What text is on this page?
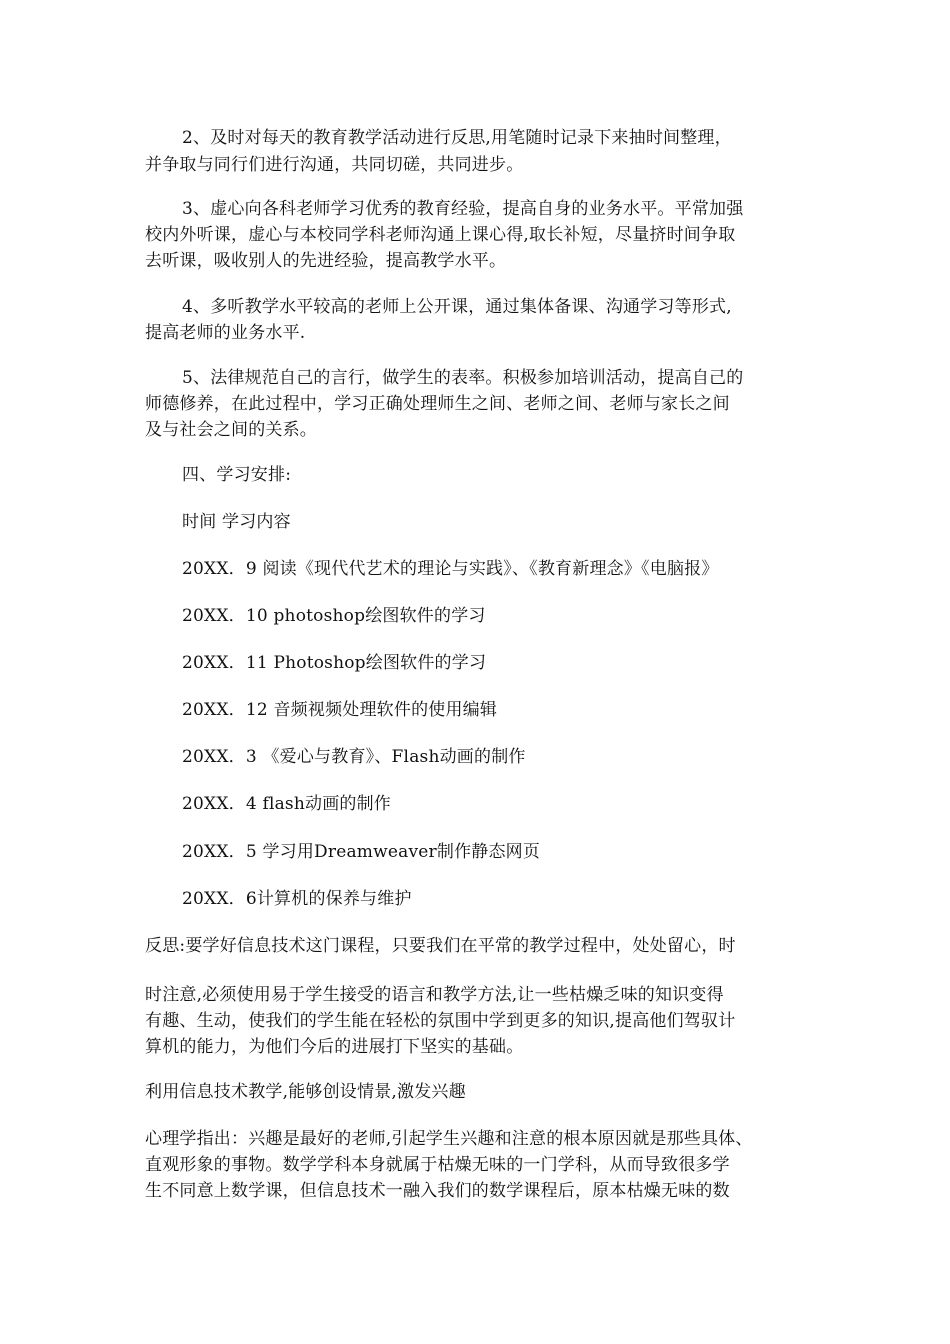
2、及时对每天的教育教学活动进行反思,用笔随时记录下来抽时间整理，
并争取与同行们进行沟通，共同切磋，共同进步。
3、虚心向各科老师学习优秀的教育经验，提高自身的业务水平。平常加强
校内外听课，虚心与本校同学科老师沟通上课心得,取长补短，尽量挤时间争取
去听课，吸收别人的先进经验，提高教学水平。
4、多听教学水平较高的老师上公开课，通过集体备课、沟通学习等形式,
提高老师的业务水平.
5、法律规范自己的言行，做学生的表率。积极参加培训活动，提高自己的
师德修养，在此过程中，学习正确处理师生之间、老师之间、老师与家长之间
及与社会之间的关系。
四、学习安排:
时间 学习内容
20XX．9 阅读《现代代艺术的理论与实践》、《教育新理念》《电脑报》
20XX．10 photoshop绘图软件的学习
20XX．11 Photoshop绘图软件的学习
20XX．12 音频视频处理软件的使用编辑
20XX．3 《爱心与教育》、Flash动画的制作
20XX．4 flash动画的制作
20XX．5 学习用Dreamweaver制作静态网页
20XX．6计算机的保养与维护
反思:要学好信息技术这门课程，只要我们在平常的教学过程中，处处留心，时
时注意,必须使用易于学生接受的语言和教学方法,让一些枯燥乏味的知识变得
有趣、生动，使我们的学生能在轻松的氛围中学到更多的知识,提高他们驾驭计
算机的能力，为他们今后的进展打下坚实的基础。
利用信息技术教学,能够创设情景,激发兴趣
心理学指出：兴趣是最好的老师,引起学生兴趣和注意的根本原因就是那些具体、
直观形象的事物。数学学科本身就属于枯燥无味的一门学科，从而导致很多学
生不同意上数学课，但信息技术一融入我们的数学课程后，原本枯燥无味的数
